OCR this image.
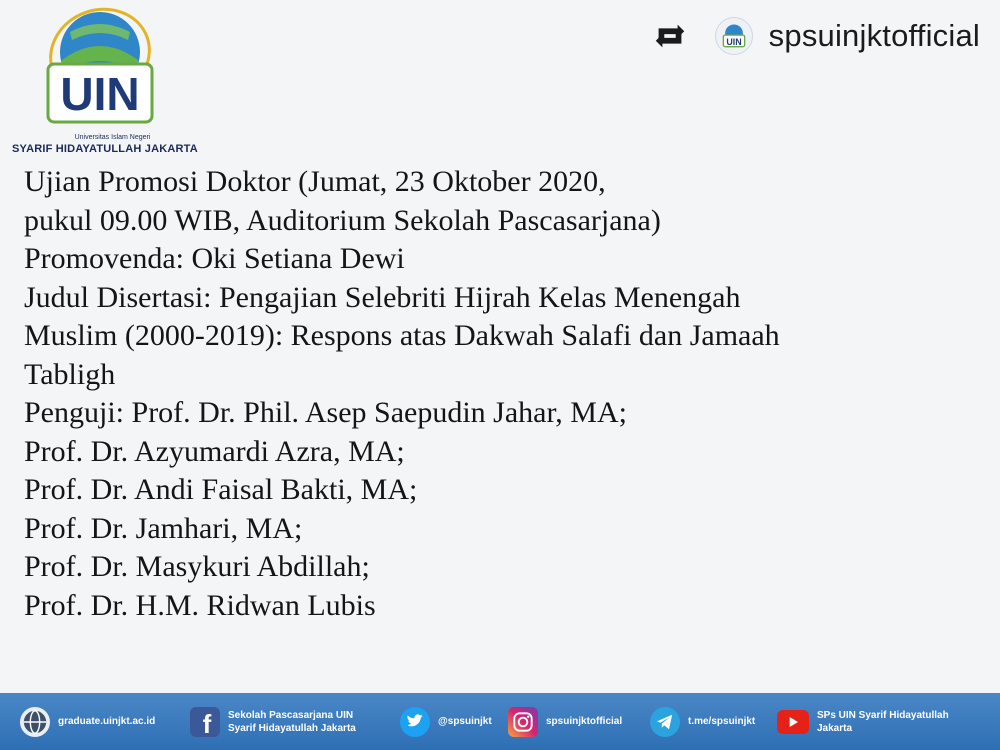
UIN
Universitas Islam Negeri
SYARIF HIDAYATULLAH JAKARTA
UIN spsuinjktofficial
Ujian Promosi Doktor (Jumat, 23 Oktober 2020,
pukul 09.00 WIB, Auditorium Sekolah Pascasarjana)
Promovenda: Oki Setiana Dewi
Judul Disertasi: Pengajian Selebriti Hijrah Kelas Menengah
Muslim (2000-2019): Respons atas Dakwah Salafi dan Jamaah
Tabligh
Penguji: Prof. Dr. Phil. Asep Saepudin Jahar, MA;
Prof. Dr. Azyumardi Azra, MA;
Prof. Dr. Andi Faisal Bakti, MA;
Prof. Dr. Jamhari, MA;
Prof. Dr. Masykuri Abdillah;
Prof. Dr. H.M. Ridwan Lubis
graduate.uinjkt.ac.id f Sekolah Pascasarjana UIN
Syarif Hidayatullah Jakarta
@spsuinjkt	spsuinjktofficial	t.me/spsuinjkt
SPs UIN Syarif Hidayatullah
Jakarta
